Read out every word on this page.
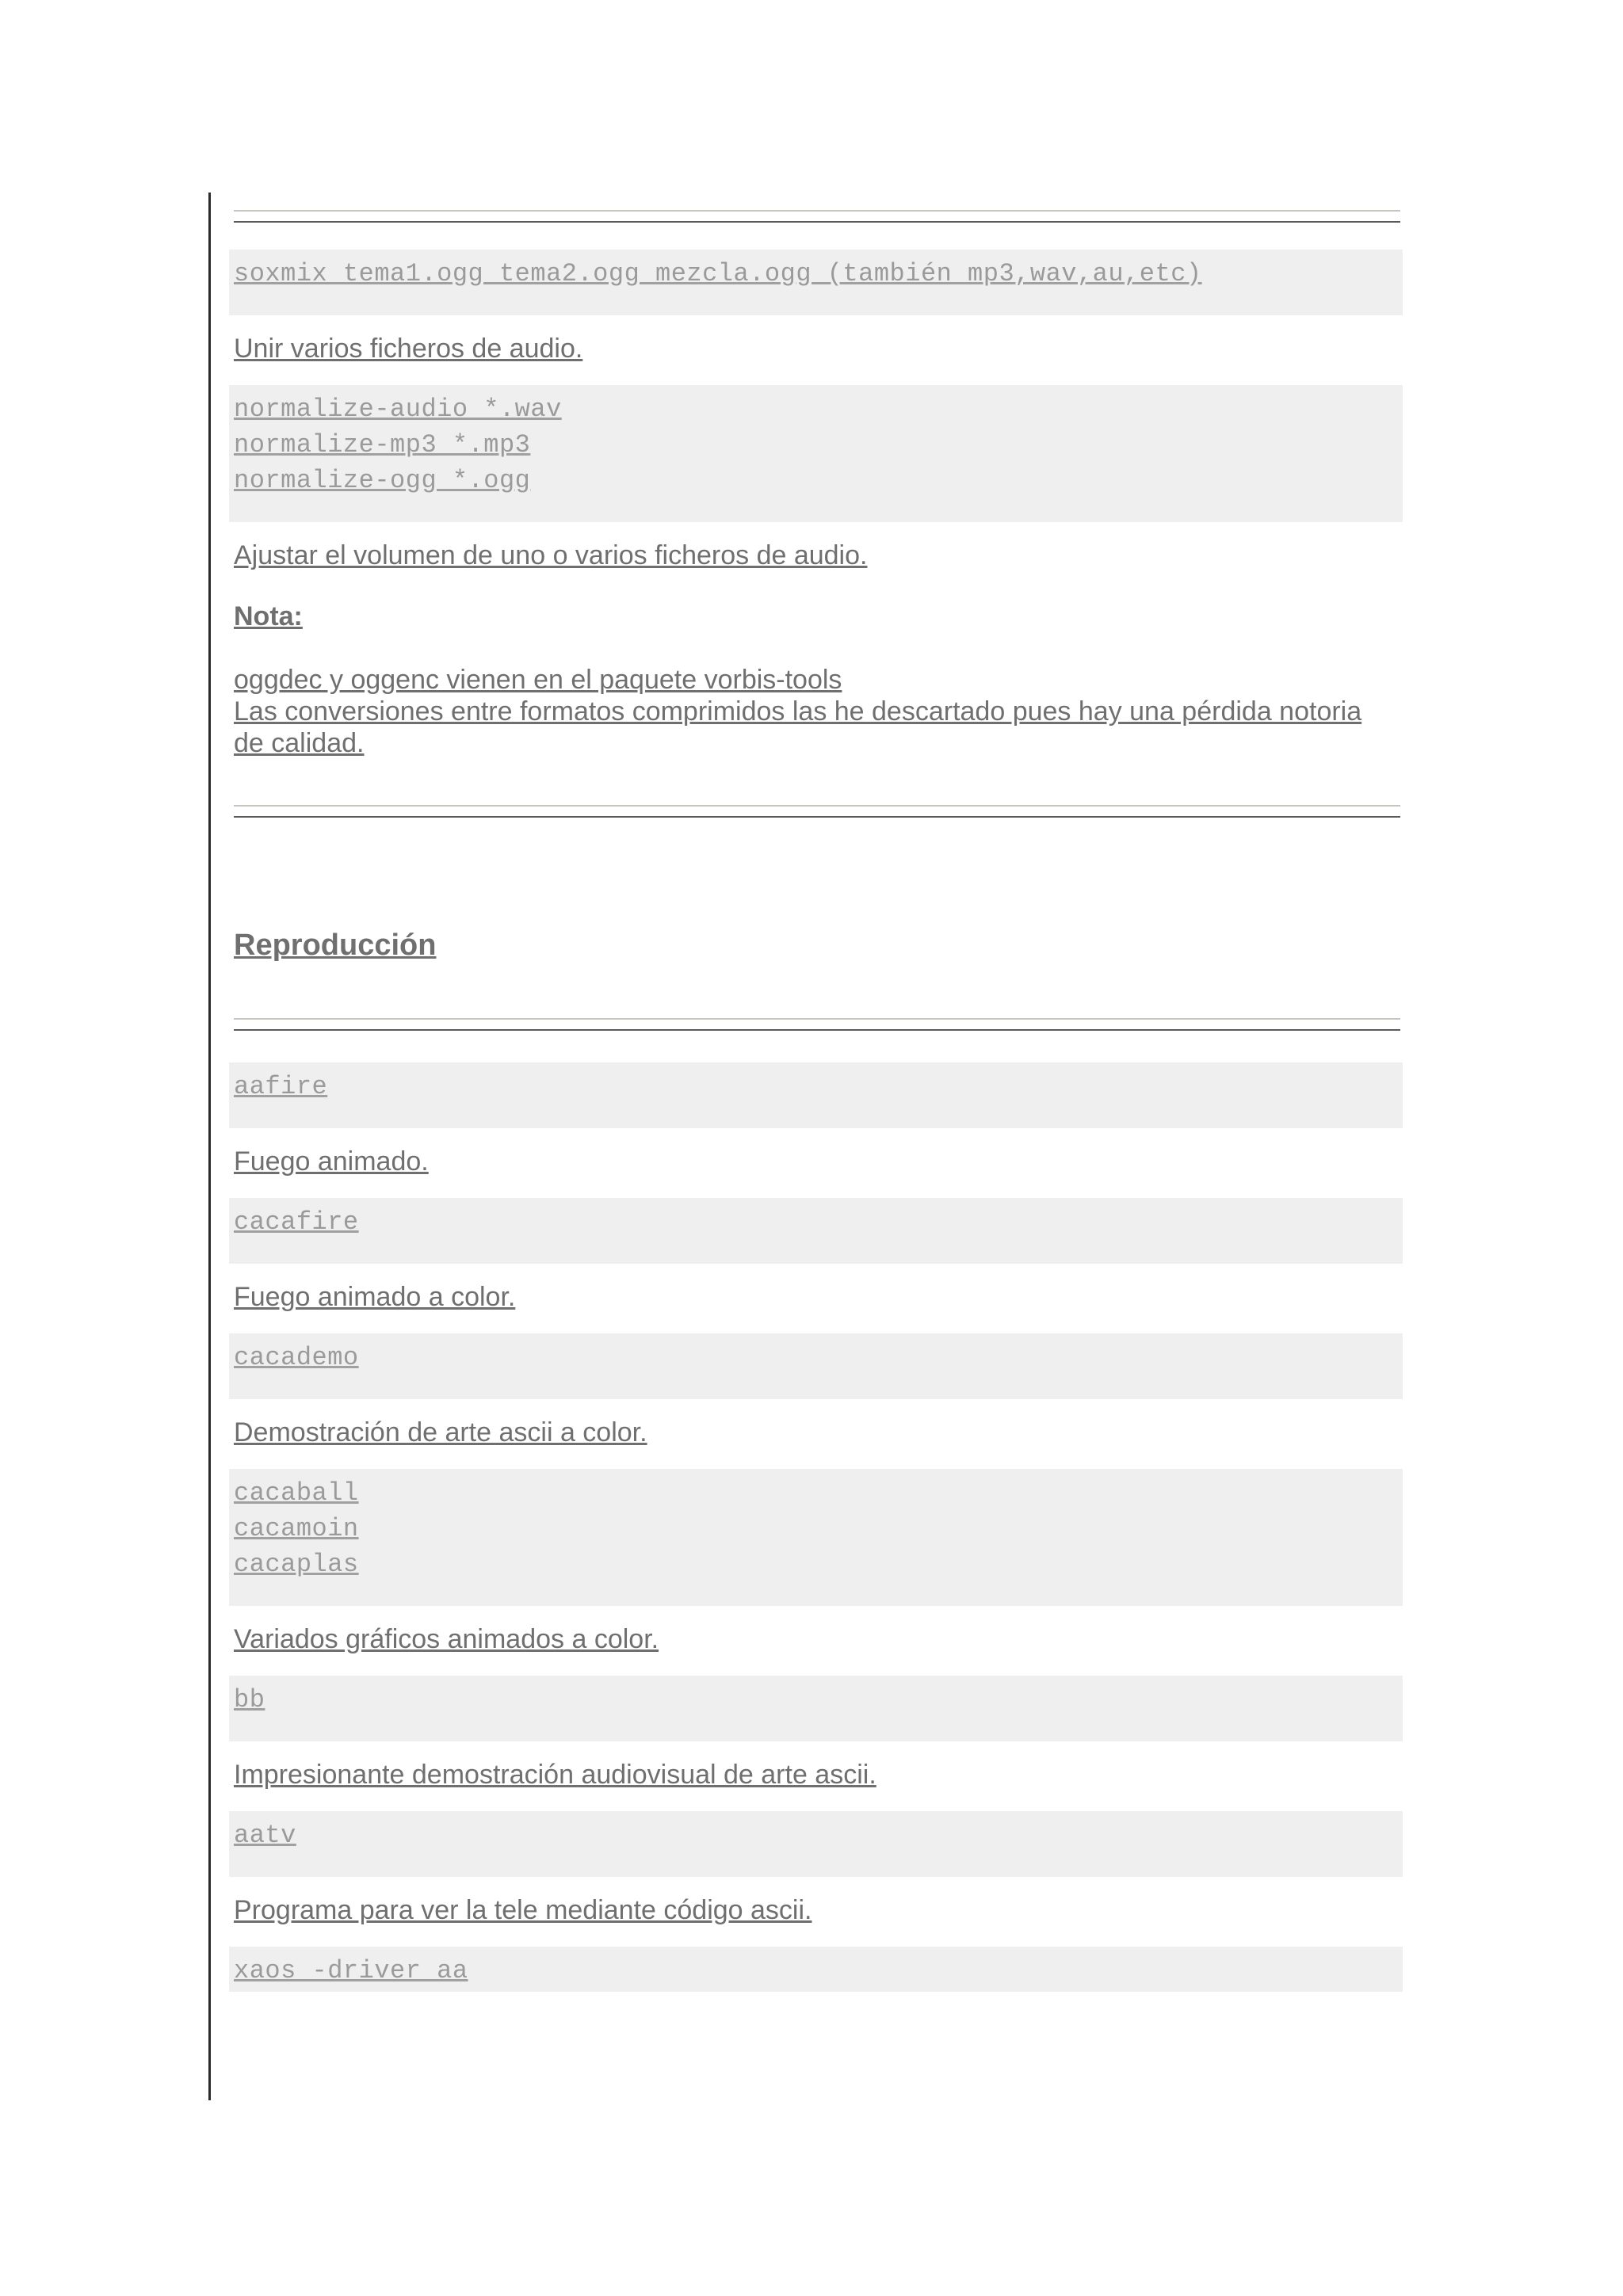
soxmix tema1.ogg tema2.ogg mezcla.ogg (también mp3,wav,au,etc)
Unir varios ficheros de audio.
normalize-audio *.wav
normalize-mp3 *.mp3
normalize-ogg *.ogg
Ajustar el volumen de uno o varios ficheros de audio.
Nota:
oggdec y oggenc vienen en el paquete vorbis-tools
Las conversiones entre formatos comprimidos las he descartado pues hay una pérdida notoria
de calidad.
Reproducción
aafire
Fuego animado.
cacafire
Fuego animado a color.
cacademo
Demostración de arte ascii a color.
cacaball
cacamoin
cacaplas
Variados gráficos animados a color.
bb
Impresionante demostración audiovisual de arte ascii.
aatv
Programa para ver la tele mediante código ascii.
xaos -driver aa
